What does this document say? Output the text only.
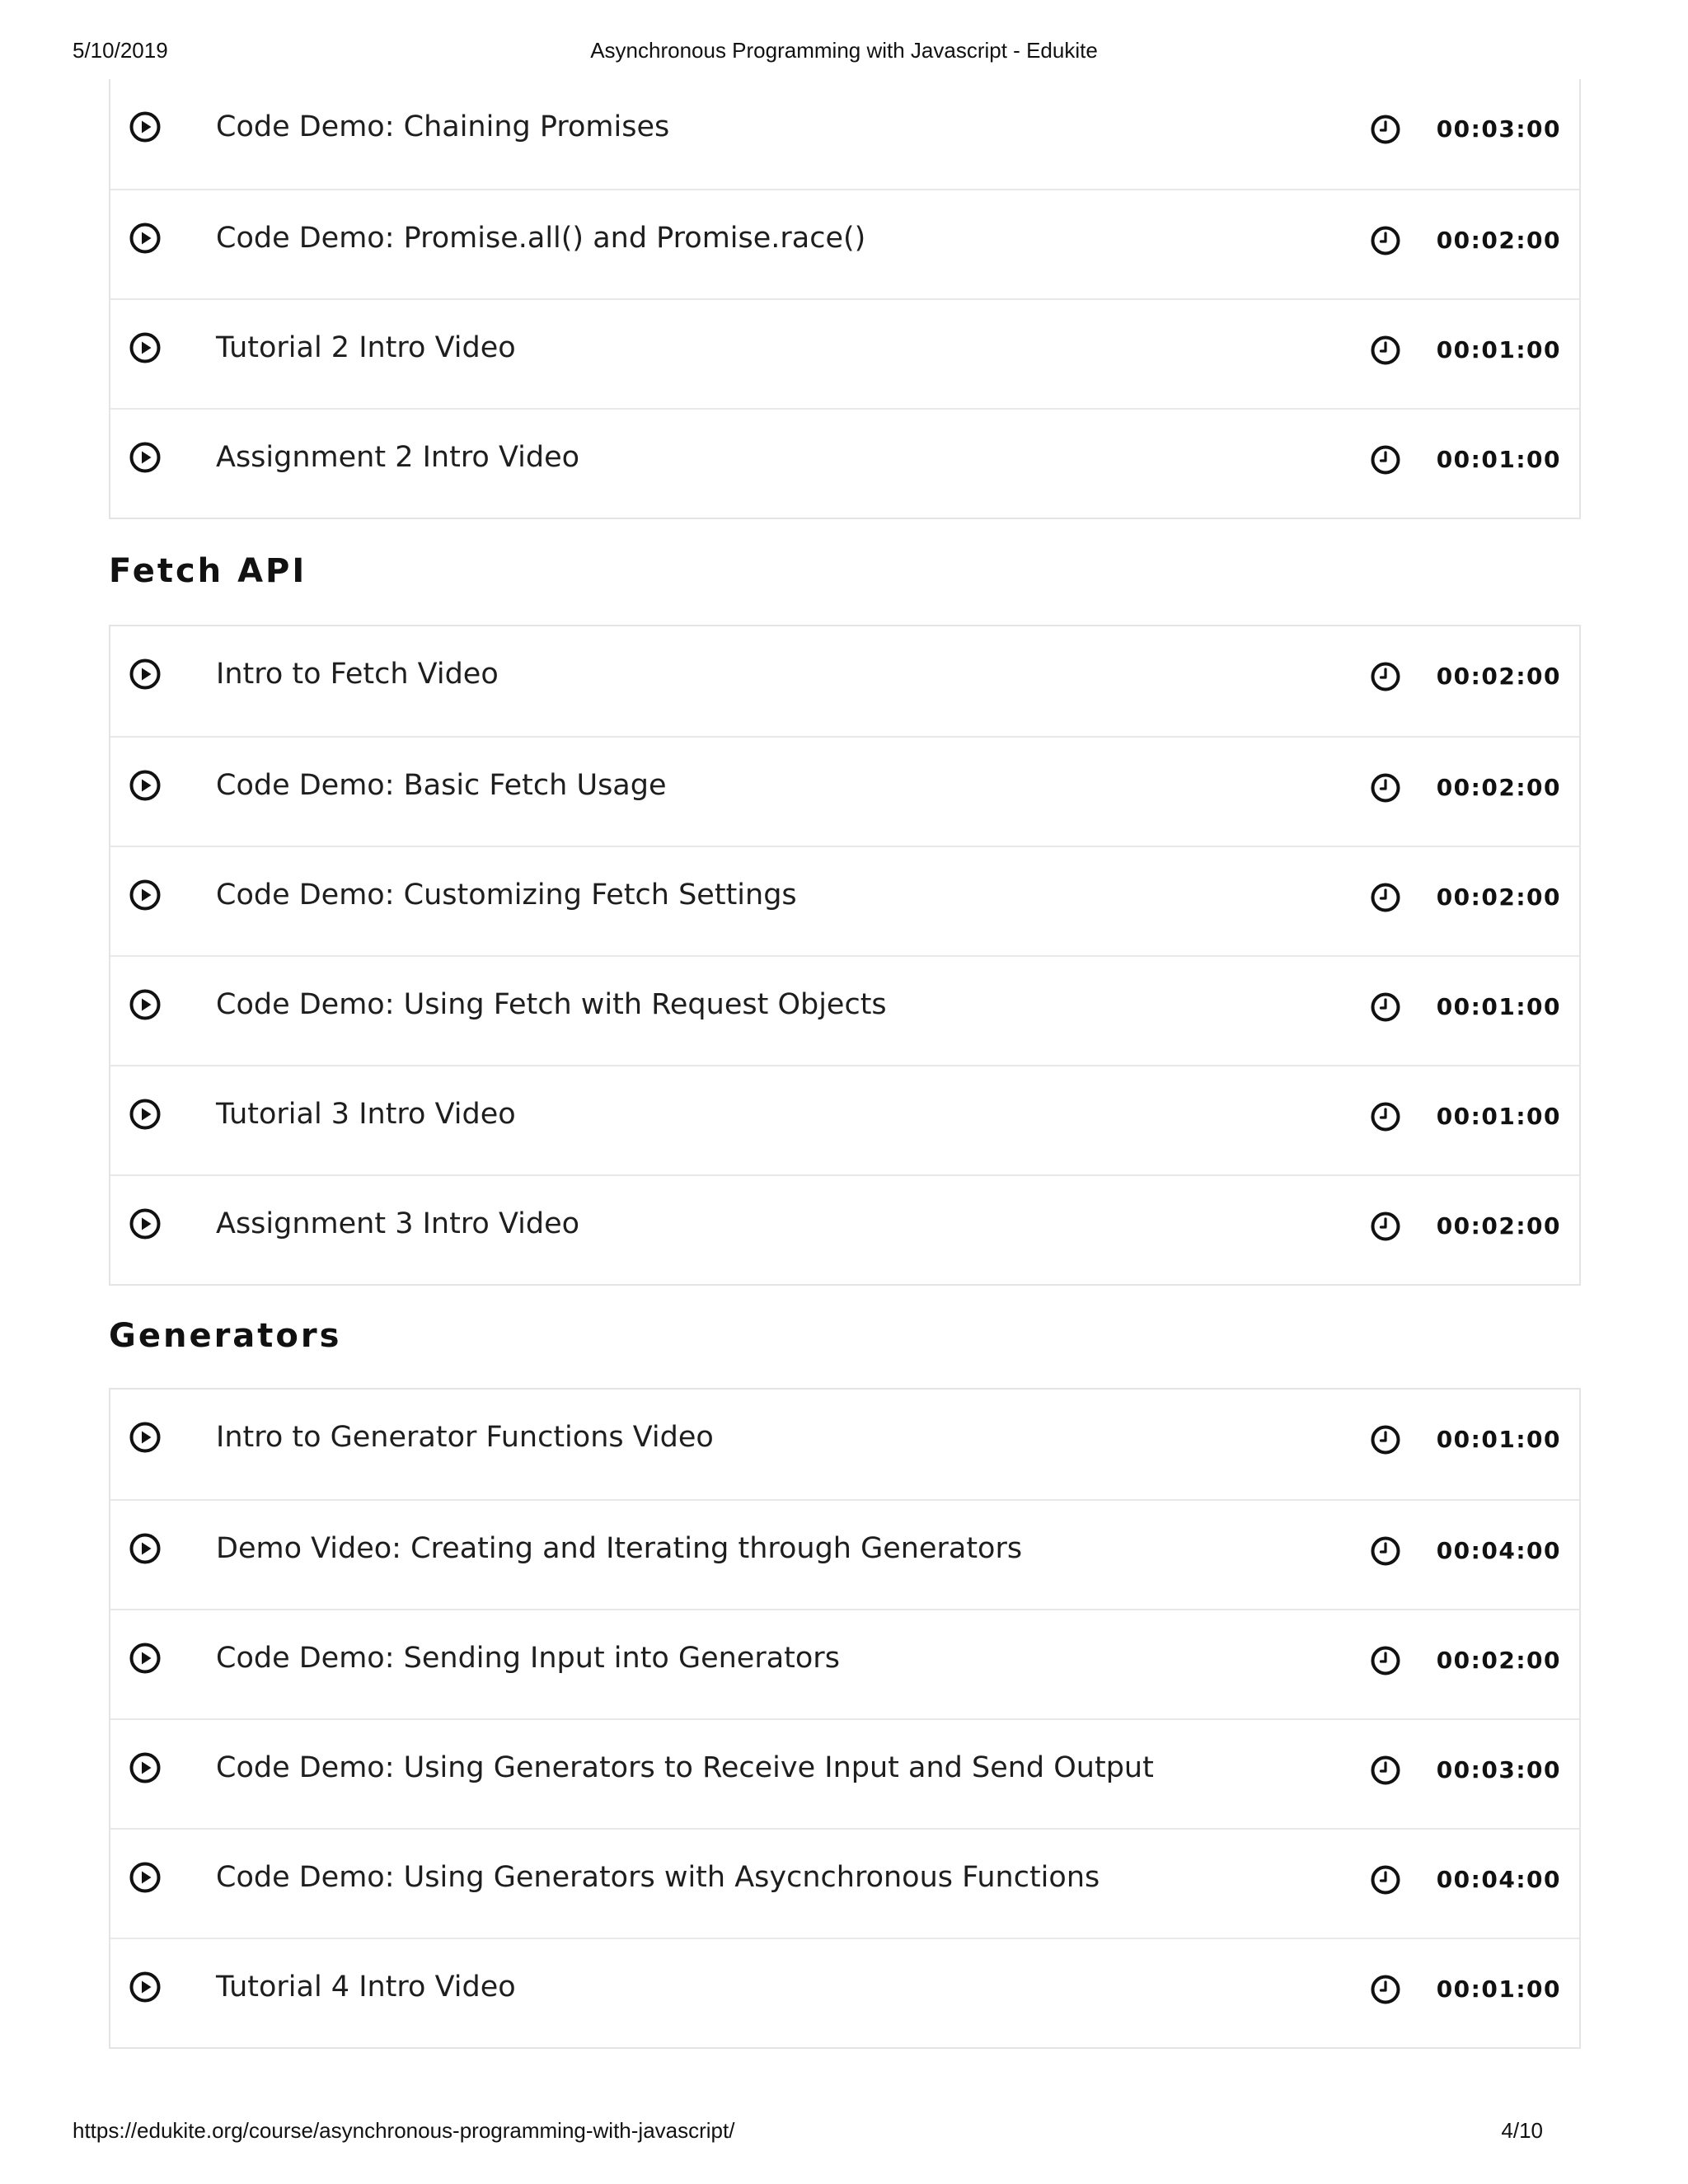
5/10/2019	Asynchronous Programming with Javascript - Edukite
Code Demo: Chaining Promises	00:03:00
Code Demo: Promise.all() and Promise.race()	00:02:00
Tutorial 2 Intro Video	00:01:00
Assignment 2 Intro Video	00:01:00
Fetch API
Intro to Fetch Video	00:02:00
Code Demo: Basic Fetch Usage	00:02:00
Code Demo: Customizing Fetch Settings	00:02:00
Code Demo: Using Fetch with Request Objects	00:01:00
Tutorial 3 Intro Video	00:01:00
Assignment 3 Intro Video	00:02:00
Generators
Intro to Generator Functions Video	00:01:00
Demo Video: Creating and Iterating through Generators	00:04:00
Code Demo: Sending Input into Generators	00:02:00
Code Demo: Using Generators to Receive Input and Send Output	00:03:00
Code Demo: Using Generators with Asycnchronous Functions	00:04:00
Tutorial 4 Intro Video	00:01:00
https://edukite.org/course/asynchronous-programming-with-javascript/	4/10
